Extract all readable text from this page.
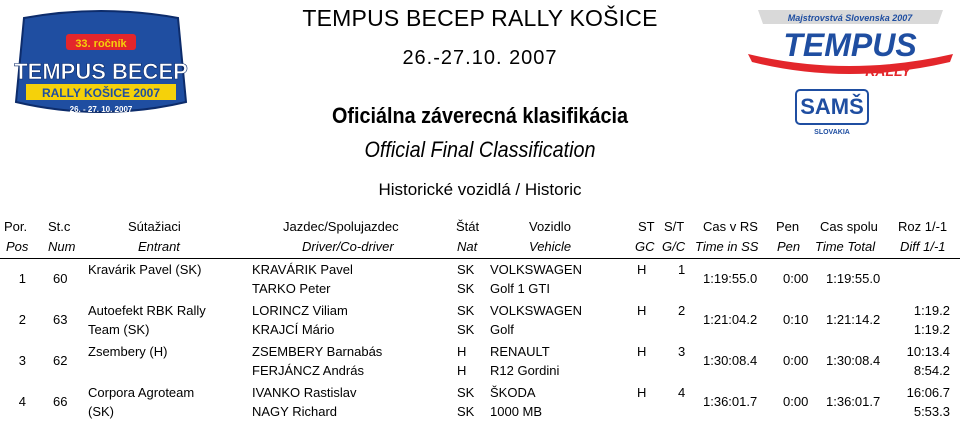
33. ročník
TEMPUS BECEP
RALLY KOŠICE 2007
26. - 27. 10. 2007
Majstrovstvá Slovenska 2007
TEMPUS
RALLY
SAMŠ
SLOVAKIA
TEMPUS BECEP RALLY KOŠICE
26.-27.10. 2007
Oficiálna záverecná klasifikácia
Official Final Classification
Historické vozidlá / Historic
Por.
Pos
St.c
Num
Sútažiaci
Entrant
Jazdec/Spolujazdec
Driver/Co-driver
Štát
Nat
Vozidlo
Vehicle
ST
GC
S/T
G/C
Cas v RS
Time in SS
Pen
Pen
Cas spolu
Time Total
Roz 1/-1
Diff 1/-1
1 60
Kravárik Pavel (SK)	KRAVÁRIK Pavel
TARKO Peter
SK
SK
VOLKSWAGEN
Golf 1 GTI
H 1
1:19:55.0 0:00 1:19:55.0
2 63
Autoefekt RBK Rally
Team (SK)
LORINCZ Viliam
KRAJCÍ Mário
SK
SK
VOLKSWAGEN
Golf
H 2
1:21:04.2 0:10 1:21:14.2
1:19.2
1:19.2
3 62
Zsembery (H)	ZSEMBERY Barnabás
FERJÁNCZ András
H
H
RENAULT
R12 Gordini
H 3
1:30:08.4 0:00 1:30:08.4
10:13.4
8:54.2
4 66
Corpora Agroteam
(SK)
IVANKO Rastislav
NAGY Richard
SK
SK
ŠKODA
1000 MB
H 4
1:36:01.7 0:00 1:36:01.7
16:06.7
5:53.3
